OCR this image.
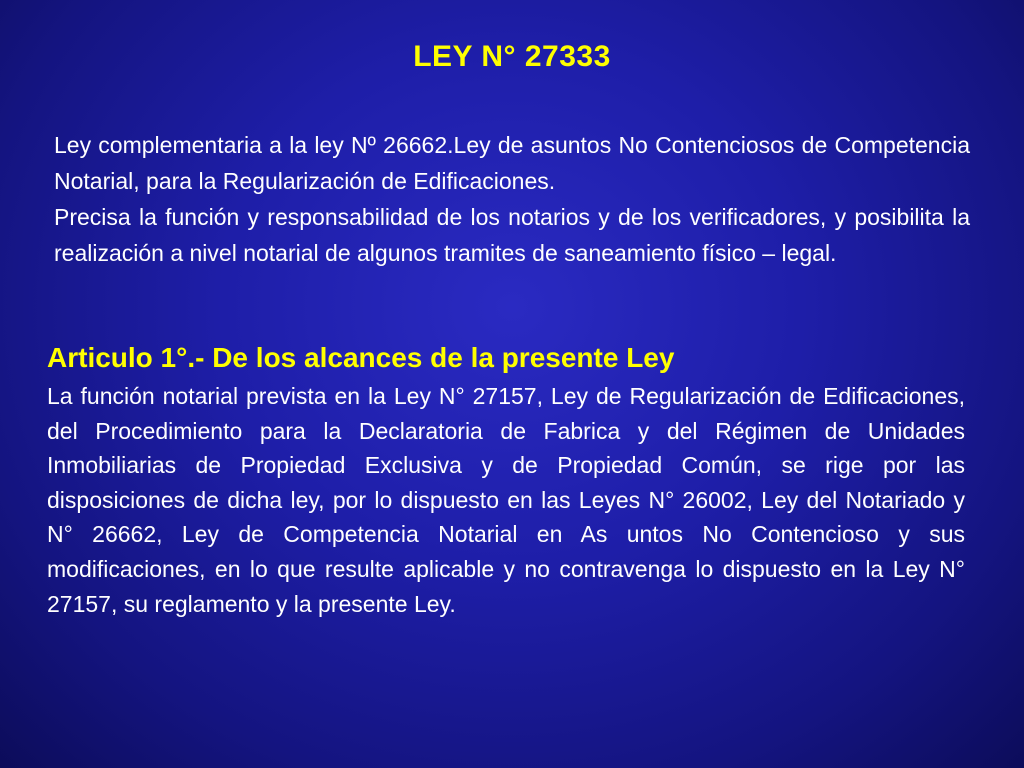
LEY N° 27333

Ley complementaria a la ley Nº 26662.Ley de asuntos No Contenciosos de Competencia Notarial, para la Regularización de Edificaciones.

Precisa la función y responsabilidad de los notarios y de los verificadores, y posibilita la realización a nivel notarial de algunos tramites de saneamiento físico – legal.

Articulo 1°.- De los alcances de la presente Ley
La función notarial prevista en la Ley N° 27157, Ley de Regularización de Edificaciones, del Procedimiento para la Declaratoria de Fabrica y del Régimen de Unidades Inmobiliarias de Propiedad Exclusiva y de Propiedad Común, se rige por las disposiciones de dicha ley, por lo dispuesto en las Leyes N° 26002, Ley del Notariado y N° 26662, Ley de Competencia Notarial en As untos No Contencioso y sus modificaciones, en lo que resulte aplicable y no contravenga lo dispuesto en la Ley N° 27157, su reglamento y la presente Ley.
